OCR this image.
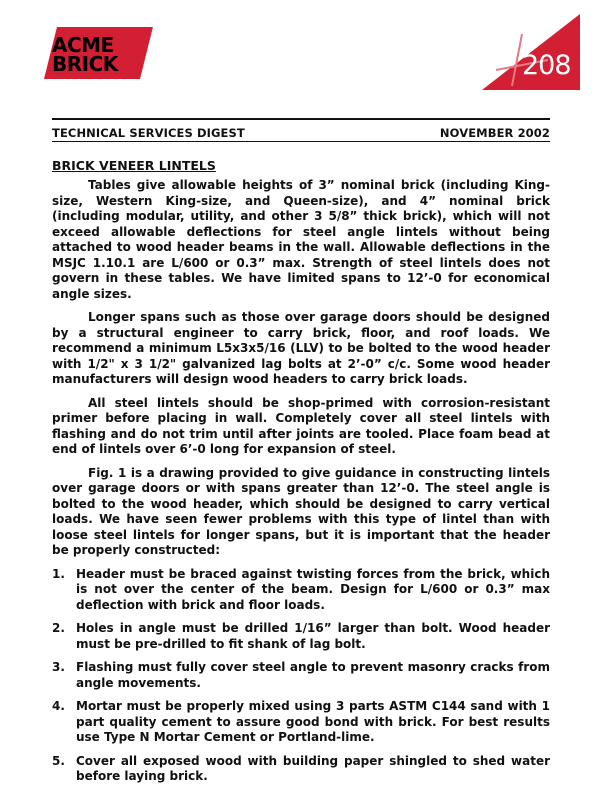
ACME
BRICK	208
TECHNICAL SERVICES DIGEST	NOVEMBER 2002
BRICK VENEER LINTELS

Tables give allowable heights of 3” nominal brick (including King-size, Western King-size, and Queen-size), and 4” nominal brick (including modular, utility, and other 3 5/8” thick brick), which will not exceed allowable deflections for steel angle lintels without being attached to wood header beams in the wall. Allowable deflections in the MSJC 1.10.1 are L/600 or 0.3” max. Strength of steel lintels does not govern in these tables. We have limited spans to 12’-0 for economical angle sizes.

Longer spans such as those over garage doors should be designed by a structural engineer to carry brick, floor, and roof loads. We recommend a minimum L5x3x5/16 (LLV) to be bolted to the wood header with 1/2" x 3 1/2" galvanized lag bolts at 2’-0” c/c. Some wood header manufacturers will design wood headers to carry brick loads.

All steel lintels should be shop-primed with corrosion-resistant primer before placing in wall. Completely cover all steel lintels with flashing and do not trim until after joints are tooled. Place foam bead at end of lintels over 6’-0 long for expansion of steel.

Fig. 1 is a drawing provided to give guidance in constructing lintels over garage doors or with spans greater than 12’-0. The steel angle is bolted to the wood header, which should be designed to carry vertical loads. We have seen fewer problems with this type of lintel than with loose steel lintels for longer spans, but it is important that the header be properly constructed:

1. Header must be braced against twisting forces from the brick, which is not over the center of the beam. Design for L/600 or 0.3” max deflection with brick and floor loads.
2. Holes in angle must be drilled 1/16” larger than bolt. Wood header must be pre-drilled to fit shank of lag bolt.
3. Flashing must fully cover steel angle to prevent masonry cracks from angle movements.
4. Mortar must be properly mixed using 3 parts ASTM C144 sand with 1 part quality cement to assure good bond with brick. For best results use Type N Mortar Cement or Portland-lime.
5. Cover all exposed wood with building paper shingled to shed water before laying brick.
